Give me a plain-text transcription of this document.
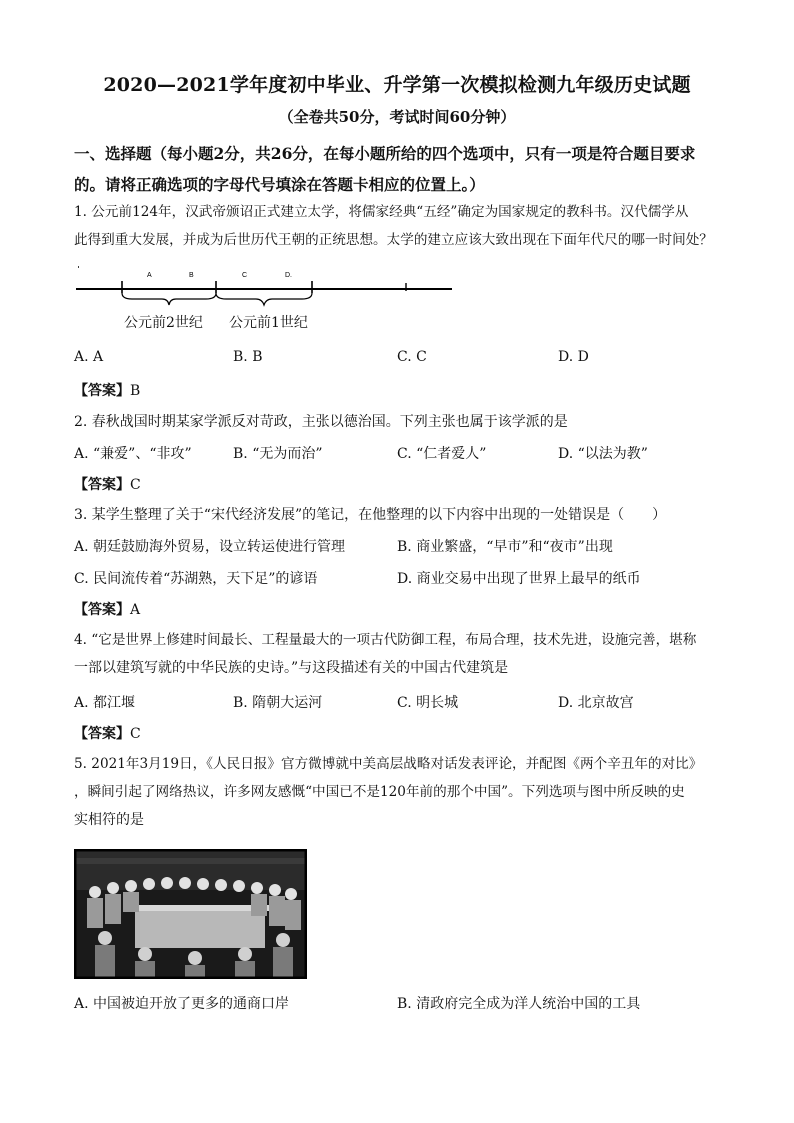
2020—2021学年度初中毕业、升学第一次模拟检测九年级历史试题
（全卷共50分，考试时间60分钟）
一、选择题（每小题2分，共26分，在每小题所给的四个选项中，只有一项是符合题目要求
的。请将正确选项的字母代号填涂在答题卡相应的位置上。）
1. 公元前124年，汉武帝颁诏正式建立太学，将儒家经典“五经”确定为国家规定的教科书。汉代儒学从
此得到重大发展，并成为后世历代王朝的正统思想。太学的建立应该大致出现在下面年代尺的哪一时间处？
A	B	C	D.
公元前2世纪 公元前1世纪
A. A	B. B	C. C	D. D
【答案】B
2. 春秋战国时期某家学派反对苛政，主张以德治国。下列主张也属于该学派的是
A. “兼爱”、“非攻”	B. “无为而治”	C. “仁者爱人”	D. “以法为教”
【答案】C
3. 某学生整理了关于“宋代经济发展”的笔记，在他整理的以下内容中出现的一处错误是（　　）
A. 朝廷鼓励海外贸易，设立转运使进行管理	B. 商业繁盛，“早市”和“夜市”出现
C. 民间流传着“苏湖熟，天下足”的谚语	D. 商业交易中出现了世界上最早的纸币
【答案】A
4. “它是世界上修建时间最长、工程量最大的一项古代防御工程，布局合理，技术先进，设施完善，堪称
一部以建筑写就的中华民族的史诗。”与这段描述有关的中国古代建筑是
A. 都江堰	B. 隋朝大运河	C. 明长城	D. 北京故宫
【答案】C
5. 2021年3月19日，《人民日报》官方微博就中美高层战略对话发表评论，并配图《两个辛丑年的对比》
，瞬间引起了网络热议，许多网友感慨“中国已不是120年前的那个中国”。下列选项与图中所反映的史
实相符的是
A. 中国被迫开放了更多的通商口岸	B. 清政府完全成为洋人统治中国的工具
